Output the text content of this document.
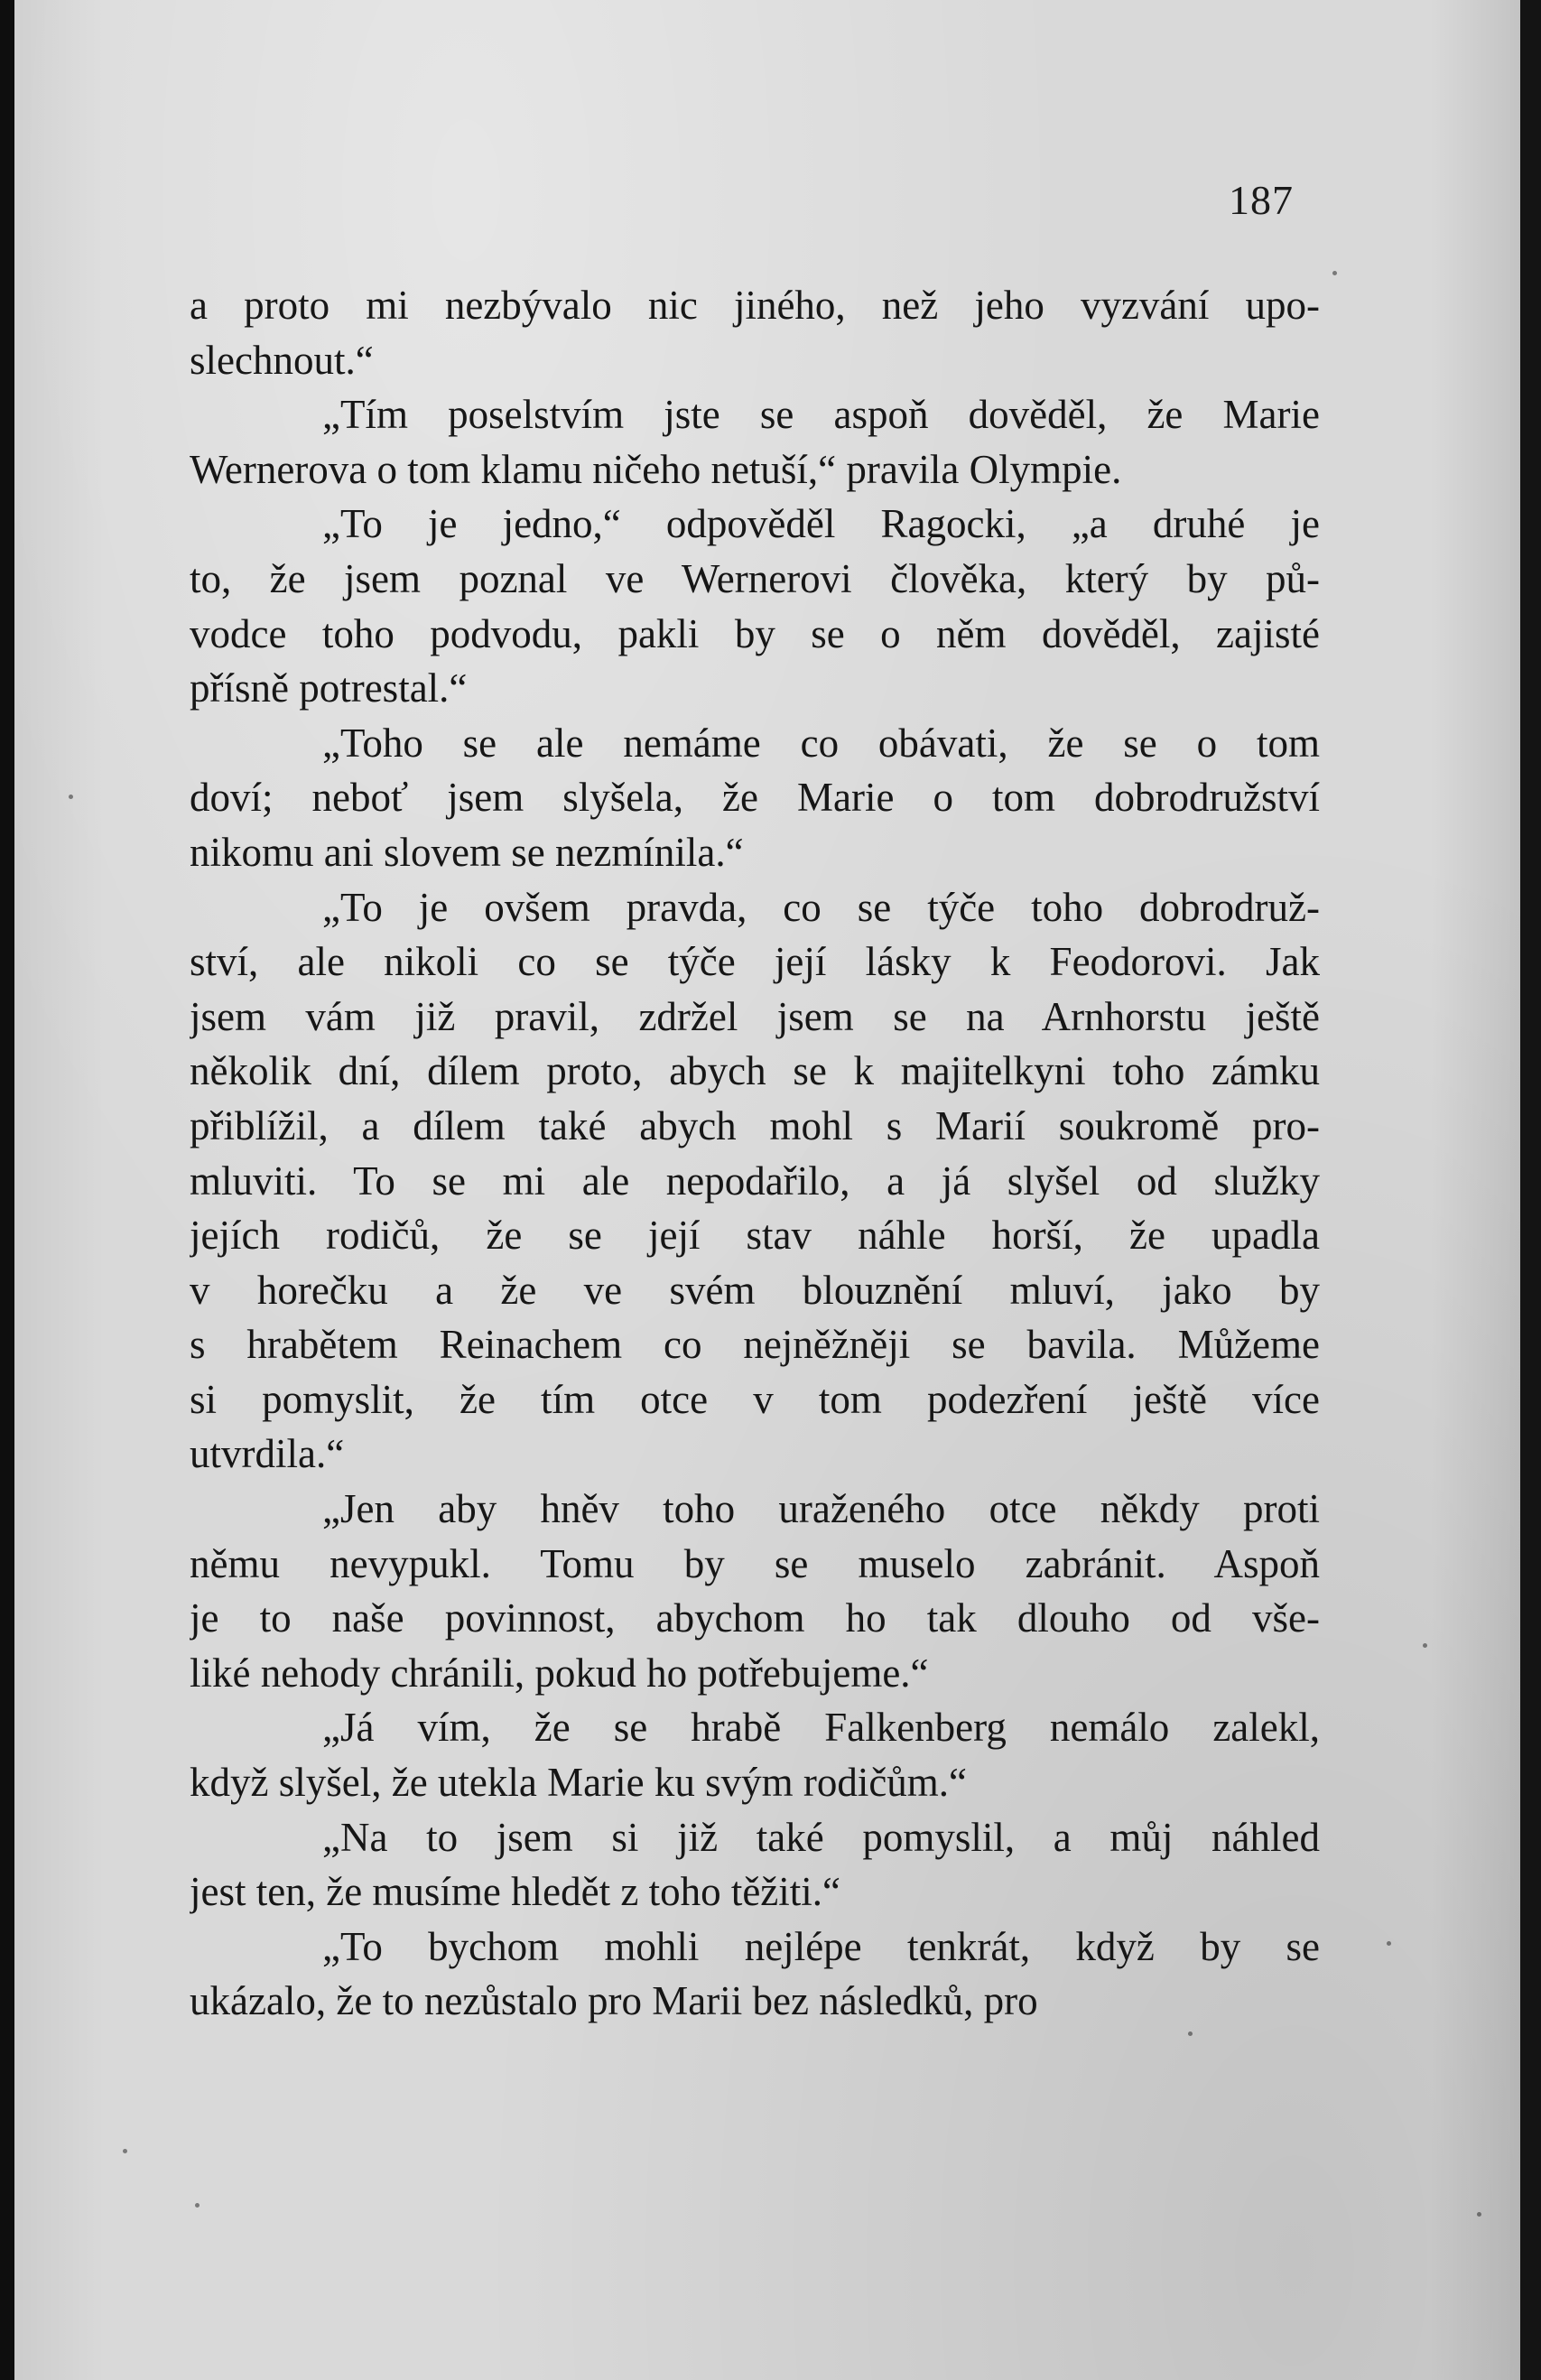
187

a proto mi nezbývalo nic jiného, než jeho vyzvání upo-
slechnout.“

„Tím poselstvím jste se aspoň dověděl, že Marie
Wernerova o tom klamu ničeho netuší,“ pravila Olympie.

„To je jedno,“ odpověděl Ragocki, „a druhé je
to, že jsem poznal ve Wernerovi člověka, který by pů-
vodce toho podvodu, pakli by se o něm dověděl, zajisté
přísně potrestal.“

„Toho se ale nemáme co obávati, že se o tom
doví; neboť jsem slyšela, že Marie o tom dobrodružství
nikomu ani slovem se nezmínila.“

„To je ovšem pravda, co se týče toho dobrodruž-
ství, ale nikoli co se týče její lásky k Feodorovi. Jak
jsem vám již pravil, zdržel jsem se na Arnhorstu ještě
několik dní, dílem proto, abych se k majitelkyni toho zámku
přiblížil, a dílem také abych mohl s Marií soukromě pro-
mluviti. To se mi ale nepodařilo, a já slyšel od služky
jejích rodičů, že se její stav náhle horší, že upadla
v horečku a že ve svém blouznění mluví, jako by
s hrabětem Reinachem co nejněžněji se bavila. Můžeme
si pomyslit, že tím otce v tom podezření ještě více
utvrdila.“

„Jen aby hněv toho uraženého otce někdy proti
němu nevypukl. Tomu by se muselo zabránit. Aspoň
je to naše povinnost, abychom ho tak dlouho od vše-
liké nehody chránili, pokud ho potřebujeme.“

„Já vím, že se hrabě Falkenberg nemálo zalekl,
když slyšel, že utekla Marie ku svým rodičům.“

„Na to jsem si již také pomyslil, a můj náhled
jest ten, že musíme hledět z toho těžiti.“

„To bychom mohli nejlépe tenkrát, když by se
ukázalo, že to nezůstalo pro Marii bez následků, pro
